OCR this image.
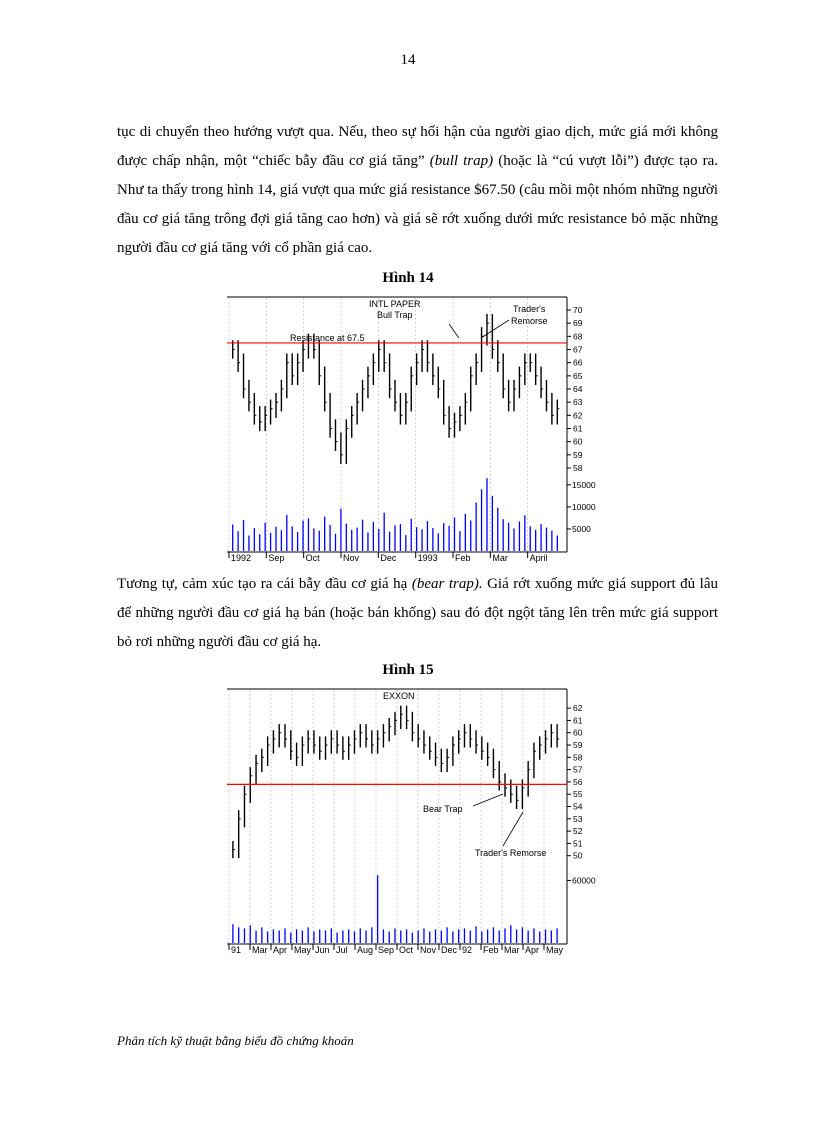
14

tục di chuyển theo hướng vượt qua. Nếu, theo sự hối hận của người giao dịch, mức giá mới không được chấp nhận, một “chiếc bẫy đầu cơ giá tăng” (bull trap) (hoặc là “cú vượt lỗi”) được tạo ra. Như ta thấy trong hình 14, giá vượt qua mức giá resistance $67.50 (câu mồi một nhóm những người đầu cơ giá tăng trông đợi giá tăng cao hơn) và giá sẽ rớt xuống dưới mức resistance bỏ mặc những người đầu cơ giá tăng với cổ phần giá cao.

Hình 14
70
69
68
67
66
65
64
63
62
61
60
59
58
15000
10000
5000
1992 Sep Oct	Nov Dec 1993 Feb Mar April
INTL PAPER
Resistance at 67.5
Bull Trap
Trader's
Remorse

Tương tự, cảm xúc tạo ra cái bẫy đầu cơ giá hạ (bear trap). Giá rớt xuống mức giá support đủ lâu để những người đầu cơ giá hạ bán (hoặc bán khống) sau đó đột ngột tăng lên trên mức giá support bỏ rơi những người đầu cơ giá hạ.

Hình 15
62
61
60
59
58
57
56
55
54
53
52
51
50
60000
91 Mar Apr May Jun Jul Aug Sep Oct Nov Dec 92 Feb Mar Apr May
EXXON
Bear Trap
Trader's Remorse
Phân tích kỹ thuật bằng biểu đồ chứng khoán
